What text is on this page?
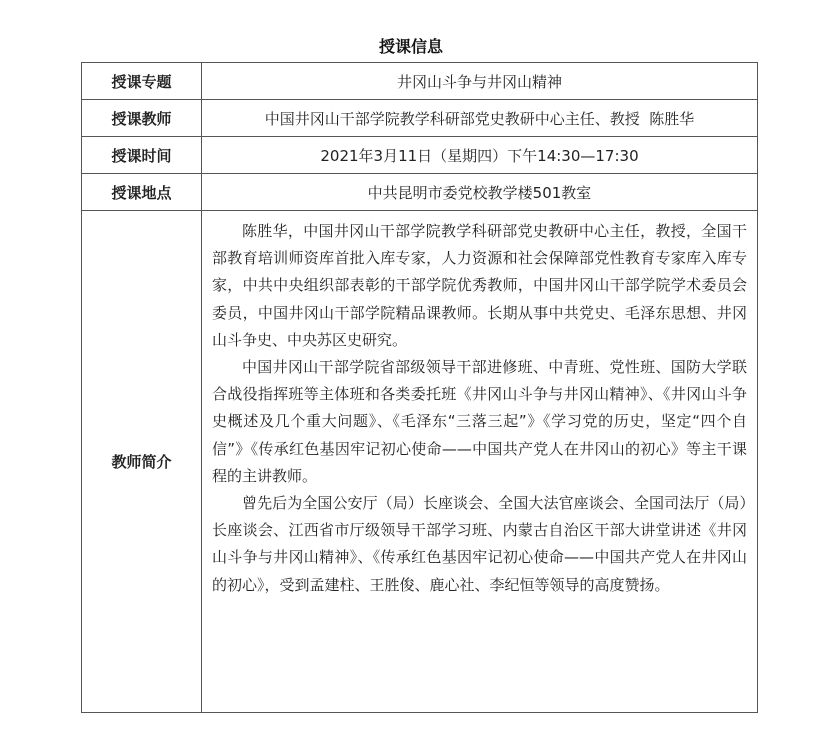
授课信息
授课专题	井冈山斗争与井冈山精神
授课教师	中国井冈山干部学院教学科研部党史教研中心主任、教授  陈胜华
授课时间	2021年3月11日（星期四）下午14:30—17:30
授课地点	中共昆明市委党校教学楼501教室
教师简介	陈胜华，中国井冈山干部学院教学科研部党史教研中心主任，教授，全国干部教育培训师资库首批入库专家，人力资源和社会保障部党性教育专家库入库专家，中共中央组织部表彰的干部学院优秀教师，中国井冈山干部学院学术委员会委员，中国井冈山干部学院精品课教师。长期从事中共党史、毛泽东思想、井冈山斗争史、中央苏区史研究。

中国井冈山干部学院省部级领导干部进修班、中青班、党性班、国防大学联合战役指挥班等主体班和各类委托班《井冈山斗争与井冈山精神》、《井冈山斗争史概述及几个重大问题》、《毛泽东“三落三起”》《学习党的历史，坚定“四个自信”》《传承红色基因牢记初心使命——中国共产党人在井冈山的初心》等主干课程的主讲教师。

曾先后为全国公安厅（局）长座谈会、全国大法官座谈会、全国司法厅（局）长座谈会、江西省市厅级领导干部学习班、内蒙古自治区干部大讲堂讲述《井冈山斗争与井冈山精神》、《传承红色基因牢记初心使命——中国共产党人在井冈山的初心》，受到孟建柱、王胜俊、鹿心社、李纪恒等领导的高度赞扬。
